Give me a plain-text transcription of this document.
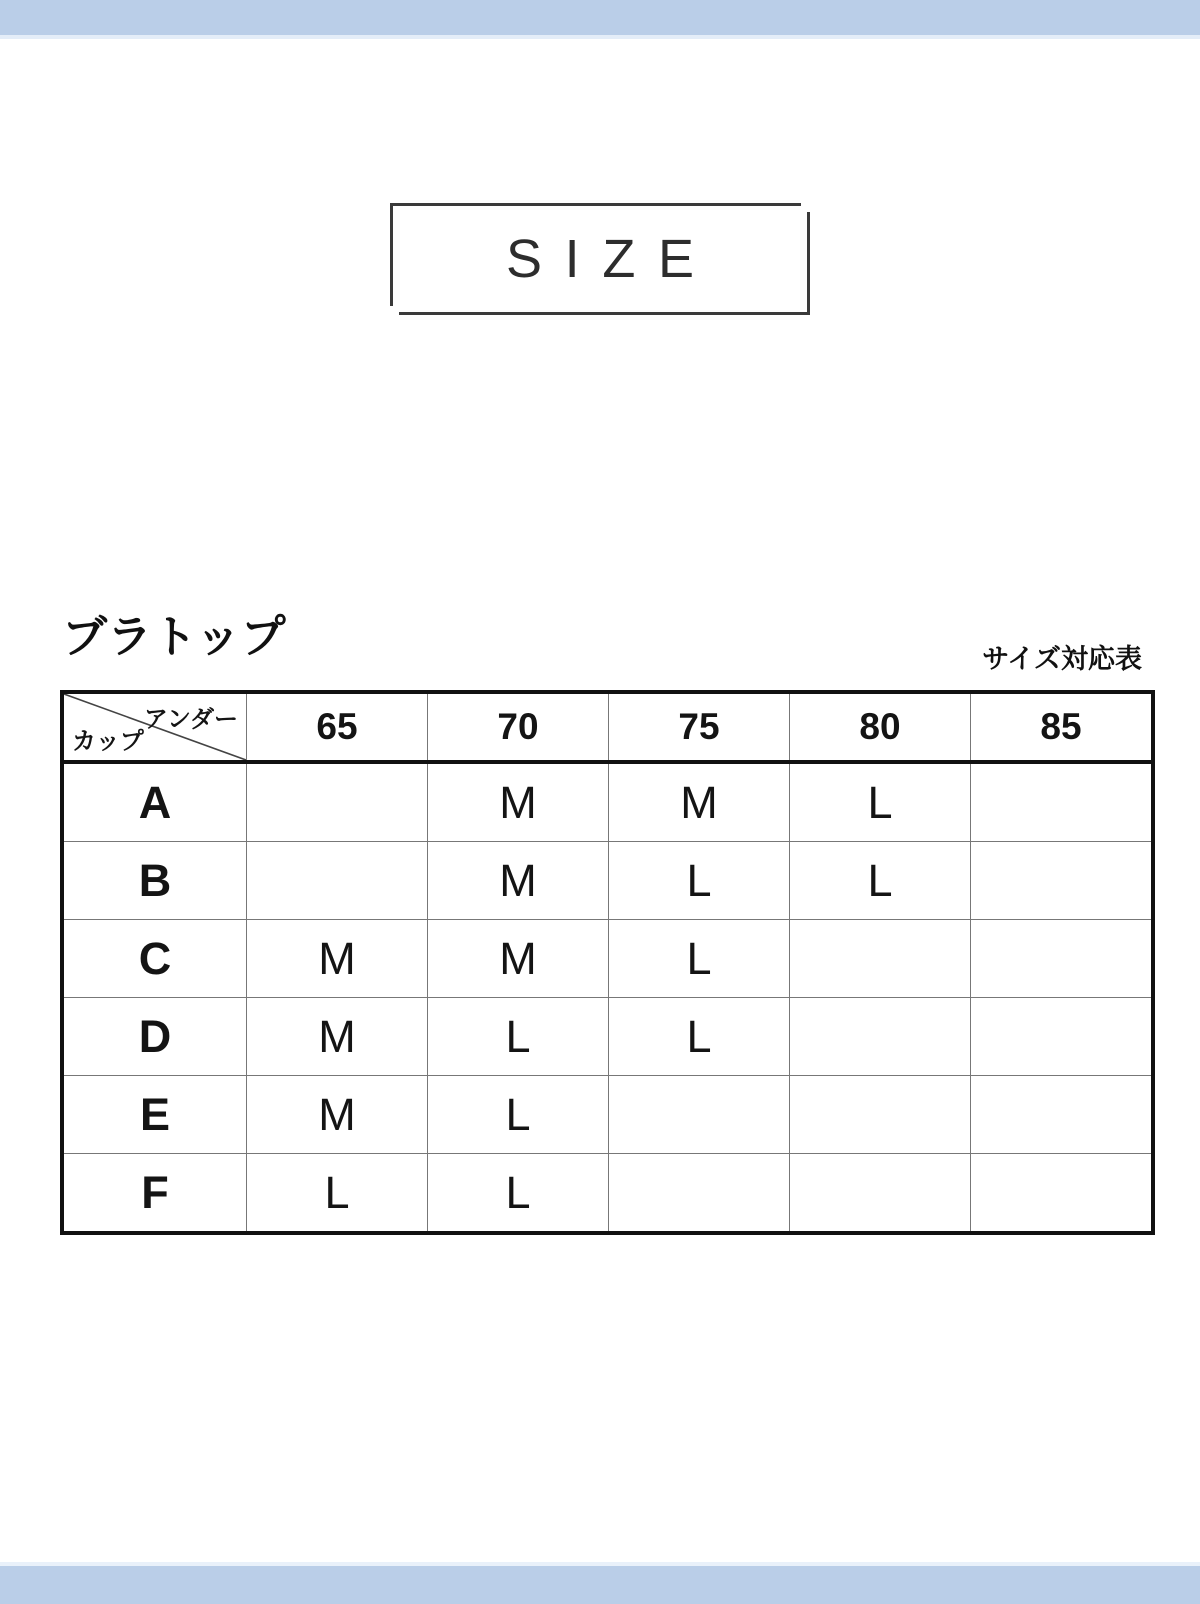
SIZE
ブラトップ	サイズ対応表
アンダー
カップ	65	70	75	80	85
A		M	M	L	
B		M	L	L	
C	M	M	L		
D	M	L	L		
E	M	L			
F	L	L			
